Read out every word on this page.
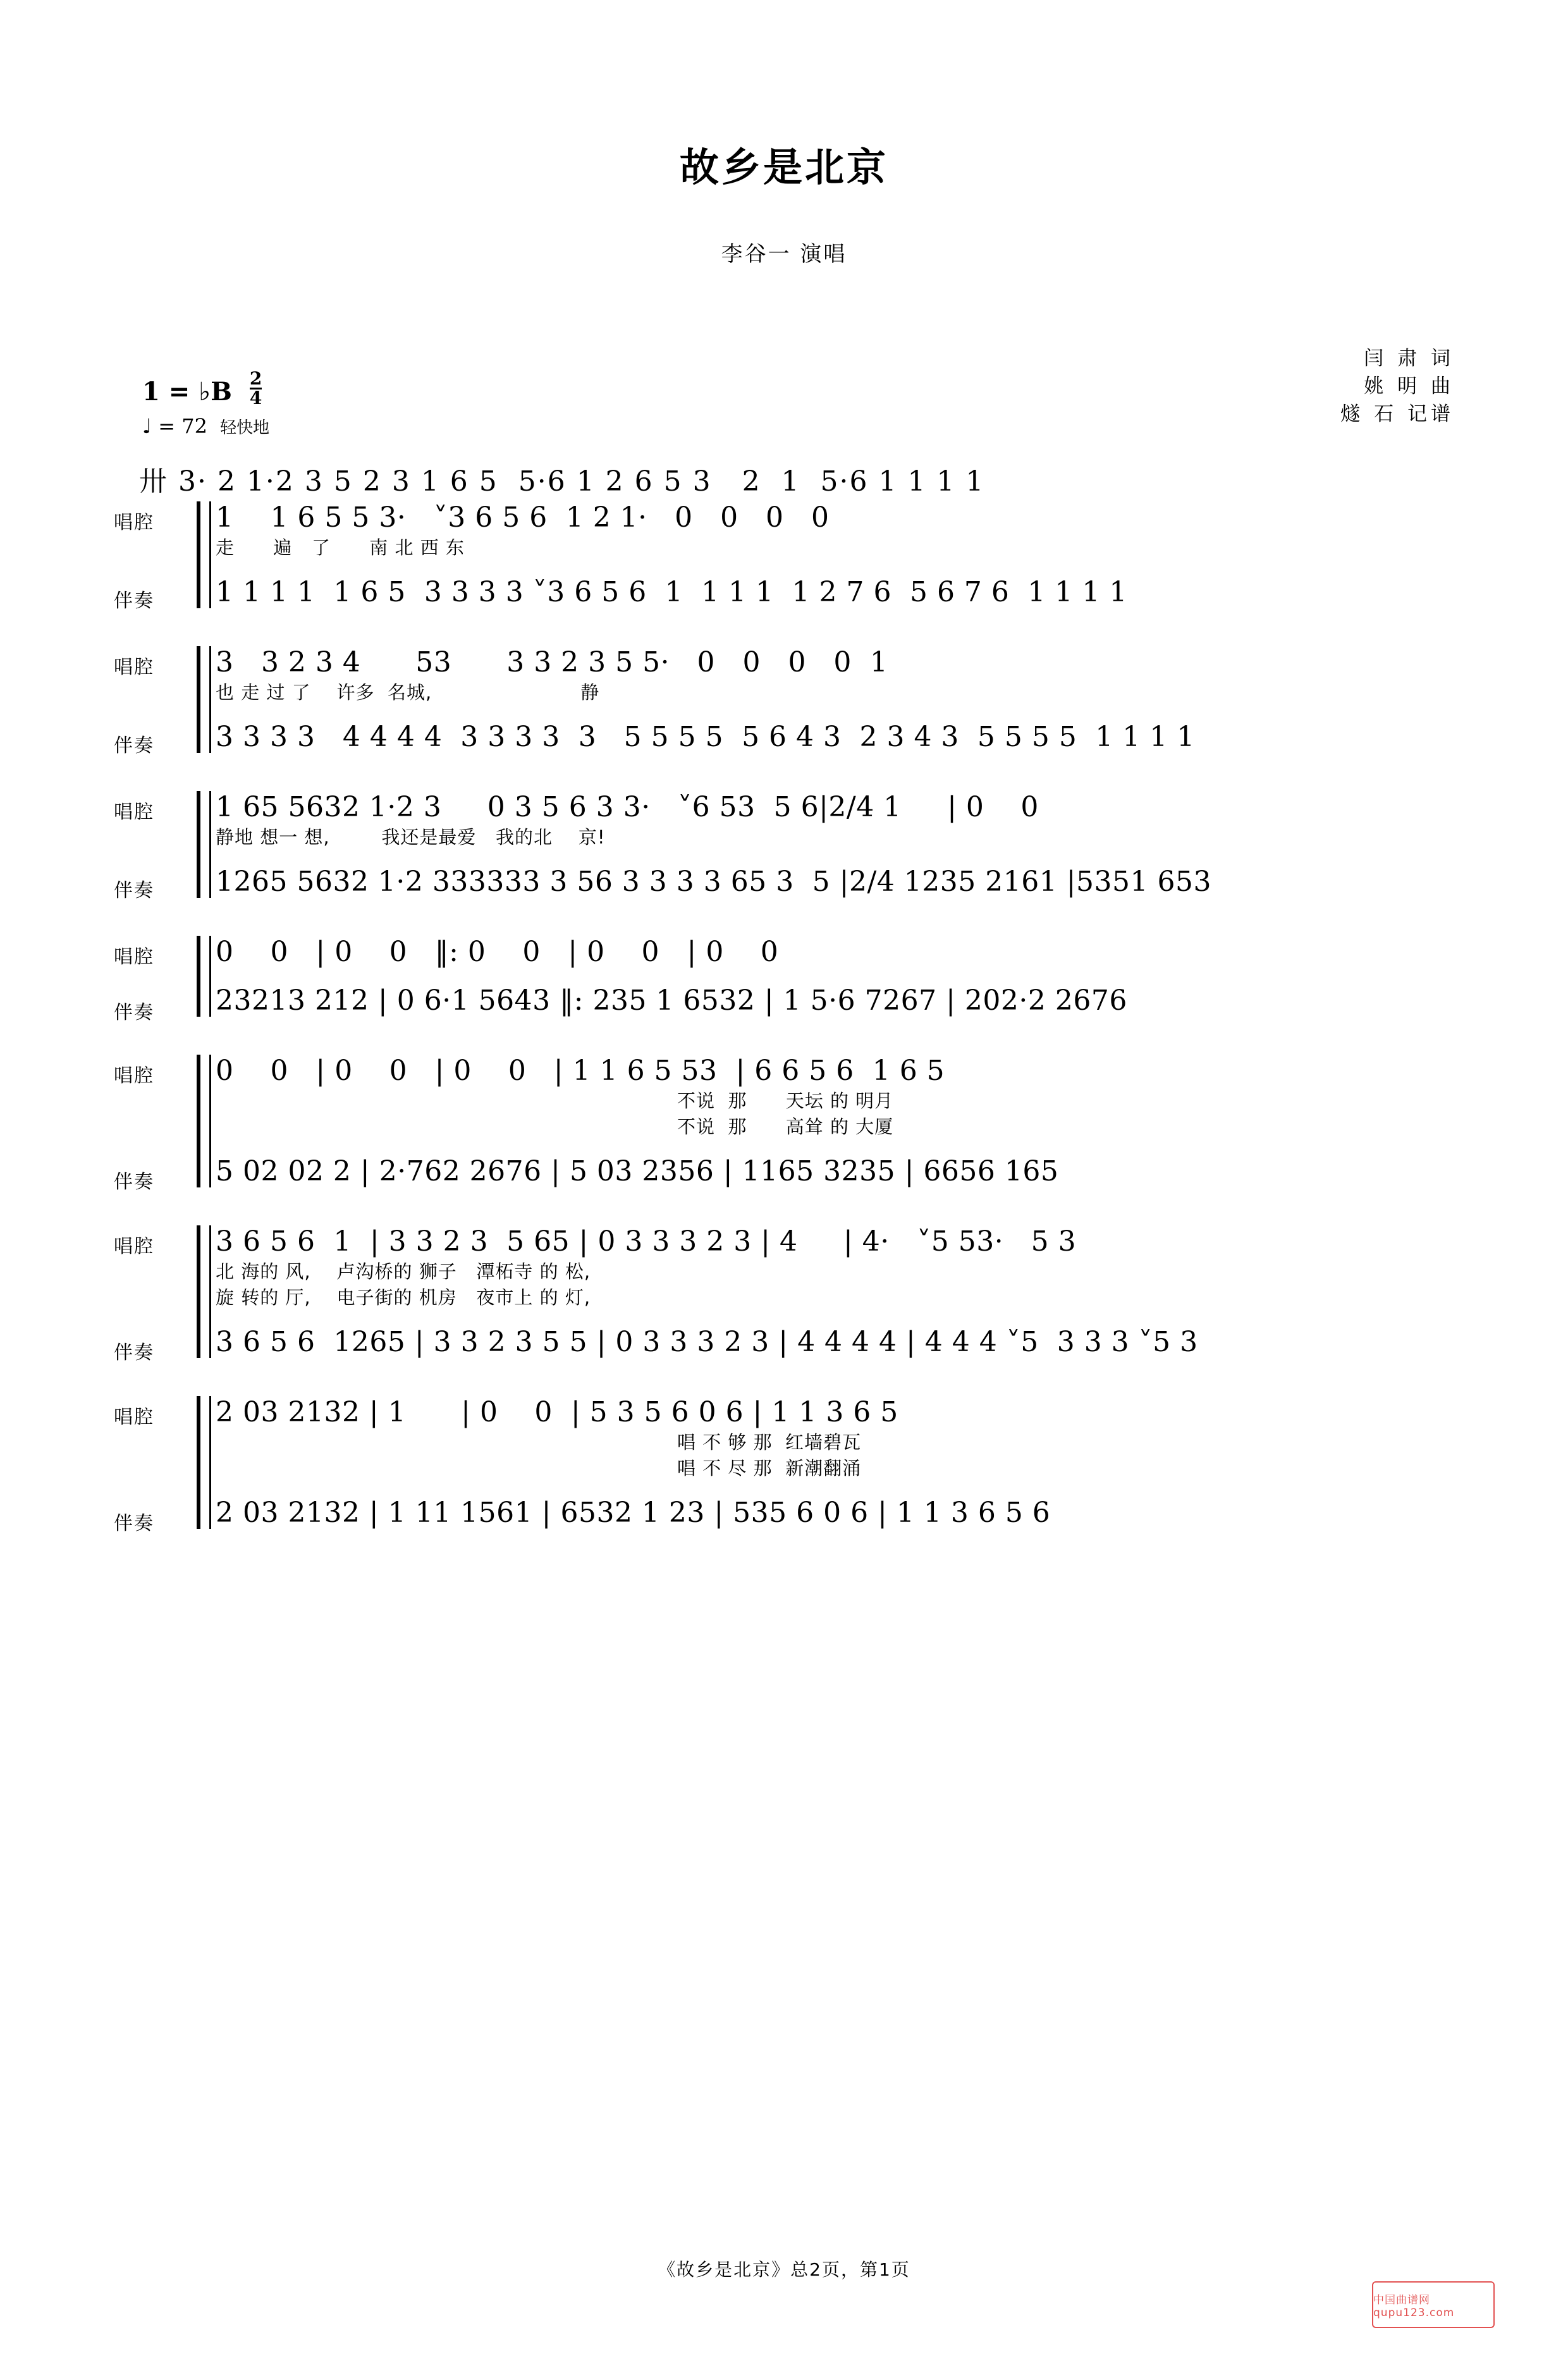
故乡是北京
李谷一 演唱
闫 肃 词
姚 明 曲
燧 石 记谱
1 = ♭B $\frac{2}{4}$
♩ = 72 轻快地
卅 3· 2 1·2 3 5 2 3 1 6 5  5·6 1 2 6 5 3   2  1  5·6 1 1 1 1
唱腔 1    1 6 5 5 3·   ˅3 6 5 6  1 2 1·   0   0   0   0
走      遍   了      南 北 西 东
伴奏 1 1 1 1  1 6 5  3 3 3 3 ˅3 6 5 6  1  1 1 1  1 2 7 6  5 6 7 6  1 1 1 1
唱腔 3   3 2 3 4      53      3 3 2 3 5 5·   0   0   0   0  1
也 走 过 了    许多  名城,                       静
伴奏 3 3 3 3   4 4 4 4  3 3 3 3  3   5 5 5 5  5 6 4 3  2 3 4 3  5 5 5 5  1 1 1 1
唱腔 1 65 5632 1·2 3     0 3 5 6 3 3·   ˅6 53  5 6|2/4 1     | 0    0
静地 想一 想,        我还是最爱   我的北    京!
伴奏 1265 5632 1·2 333333 3 56 3 3 3 3 65 3  5 |2/4 1235 2161 |5351 653
唱腔 0    0   | 0    0   ‖: 0    0   | 0    0   | 0    0
伴奏 23213 212 | 0 6·1 5643 ‖: 235 1 6532 | 1 5·6 7267 | 202·2 2676
唱腔 0    0   | 0    0   | 0    0   | 1 1 6 5 53  | 6 6 5 6  1 6 5
不说  那      天坛 的 明月
不说  那      高耸 的 大厦
伴奏 5 02 02 2 | 2·762 2676 | 5 03 2356 | 1165 3235 | 6656 165
唱腔 3 6 5 6  1  | 3 3 2 3  5 65 | 0 3 3 3 2 3 | 4     | 4·   ˅5 53·   5 3
北 海的 风,    卢沟桥的 狮子   潭柘寺 的 松,
旋 转的 厅,    电子街的 机房   夜市上 的 灯,
伴奏 3 6 5 6  1265 | 3 3 2 3 5 5 | 0 3 3 3 2 3 | 4 4 4 4 | 4 4 4 ˅5  3 3 3 ˅5 3
唱腔 2 03 2132 | 1      | 0    0  | 5 3 5 6 0 6 | 1 1 3 6 5
唱 不 够 那  红墙碧瓦
唱 不 尽 那  新潮翻涌
伴奏 2 03 2132 | 1 11 1561 | 6532 1 23 | 535 6 0 6 | 1 1 3 6 5 6
《故乡是北京》总2页，第1页
中国曲谱网 qupu123.com
